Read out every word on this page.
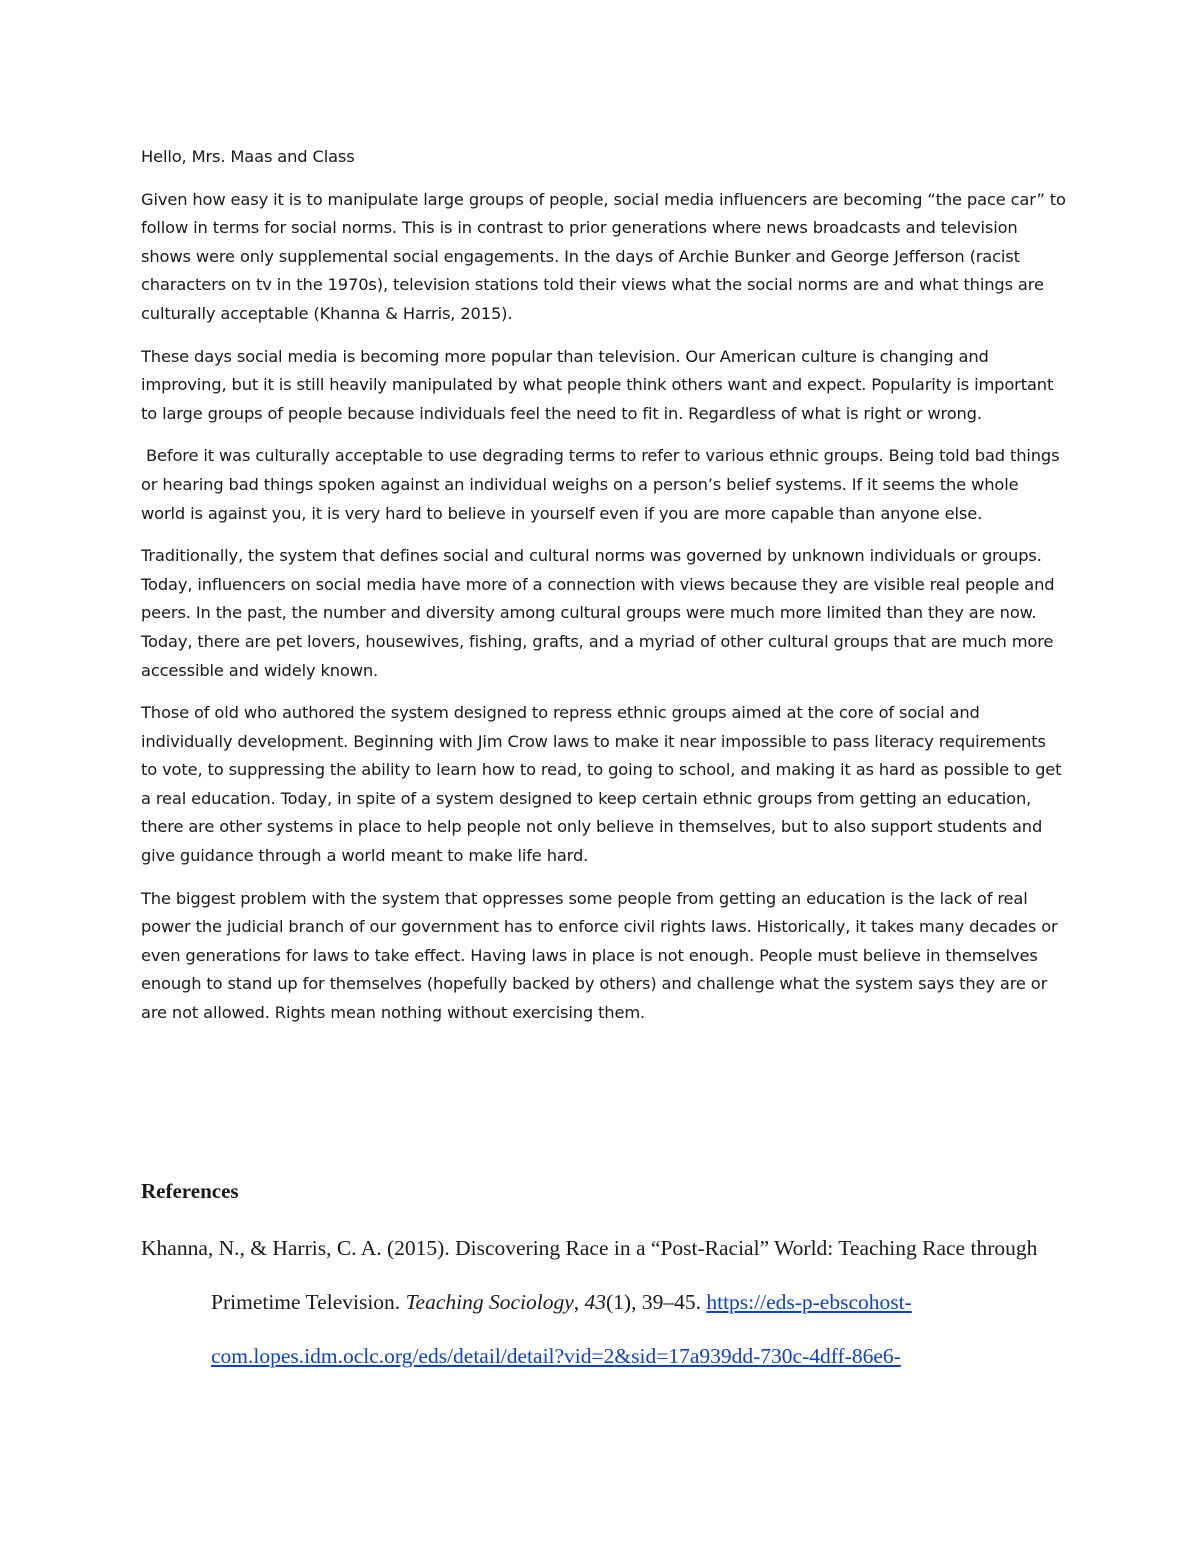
Hello, Mrs. Maas and Class

Given how easy it is to manipulate large groups of people, social media influencers are becoming “the pace car” to follow in terms for social norms. This is in contrast to prior generations where news broadcasts and television shows were only supplemental social engagements. In the days of Archie Bunker and George Jefferson (racist characters on tv in the 1970s), television stations told their views what the social norms are and what things are culturally acceptable (Khanna & Harris, 2015).

These days social media is becoming more popular than television. Our American culture is changing and improving, but it is still heavily manipulated by what people think others want and expect. Popularity is important to large groups of people because individuals feel the need to fit in. Regardless of what is right or wrong.

Before it was culturally acceptable to use degrading terms to refer to various ethnic groups. Being told bad things or hearing bad things spoken against an individual weighs on a person’s belief systems. If it seems the whole world is against you, it is very hard to believe in yourself even if you are more capable than anyone else.

Traditionally, the system that defines social and cultural norms was governed by unknown individuals or groups. Today, influencers on social media have more of a connection with views because they are visible real people and peers. In the past, the number and diversity among cultural groups were much more limited than they are now. Today, there are pet lovers, housewives, fishing, grafts, and a myriad of other cultural groups that are much more accessible and widely known.

Those of old who authored the system designed to repress ethnic groups aimed at the core of social and individually development. Beginning with Jim Crow laws to make it near impossible to pass literacy requirements to vote, to suppressing the ability to learn how to read, to going to school, and making it as hard as possible to get a real education. Today, in spite of a system designed to keep certain ethnic groups from getting an education, there are other systems in place to help people not only believe in themselves, but to also support students and give guidance through a world meant to make life hard.

The biggest problem with the system that oppresses some people from getting an education is the lack of real power the judicial branch of our government has to enforce civil rights laws. Historically, it takes many decades or even generations for laws to take effect. Having laws in place is not enough. People must believe in themselves enough to stand up for themselves (hopefully backed by others) and challenge what the system says they are or are not allowed. Rights mean nothing without exercising them.

References

Khanna, N., & Harris, C. A. (2015). Discovering Race in a “Post-Racial” World: Teaching Race through Primetime Television. Teaching Sociology, 43(1), 39–45. https://eds-p-ebscohost-com.lopes.idm.oclc.org/eds/detail/detail?vid=2&sid=17a939dd-730c-4dff-86e6-
